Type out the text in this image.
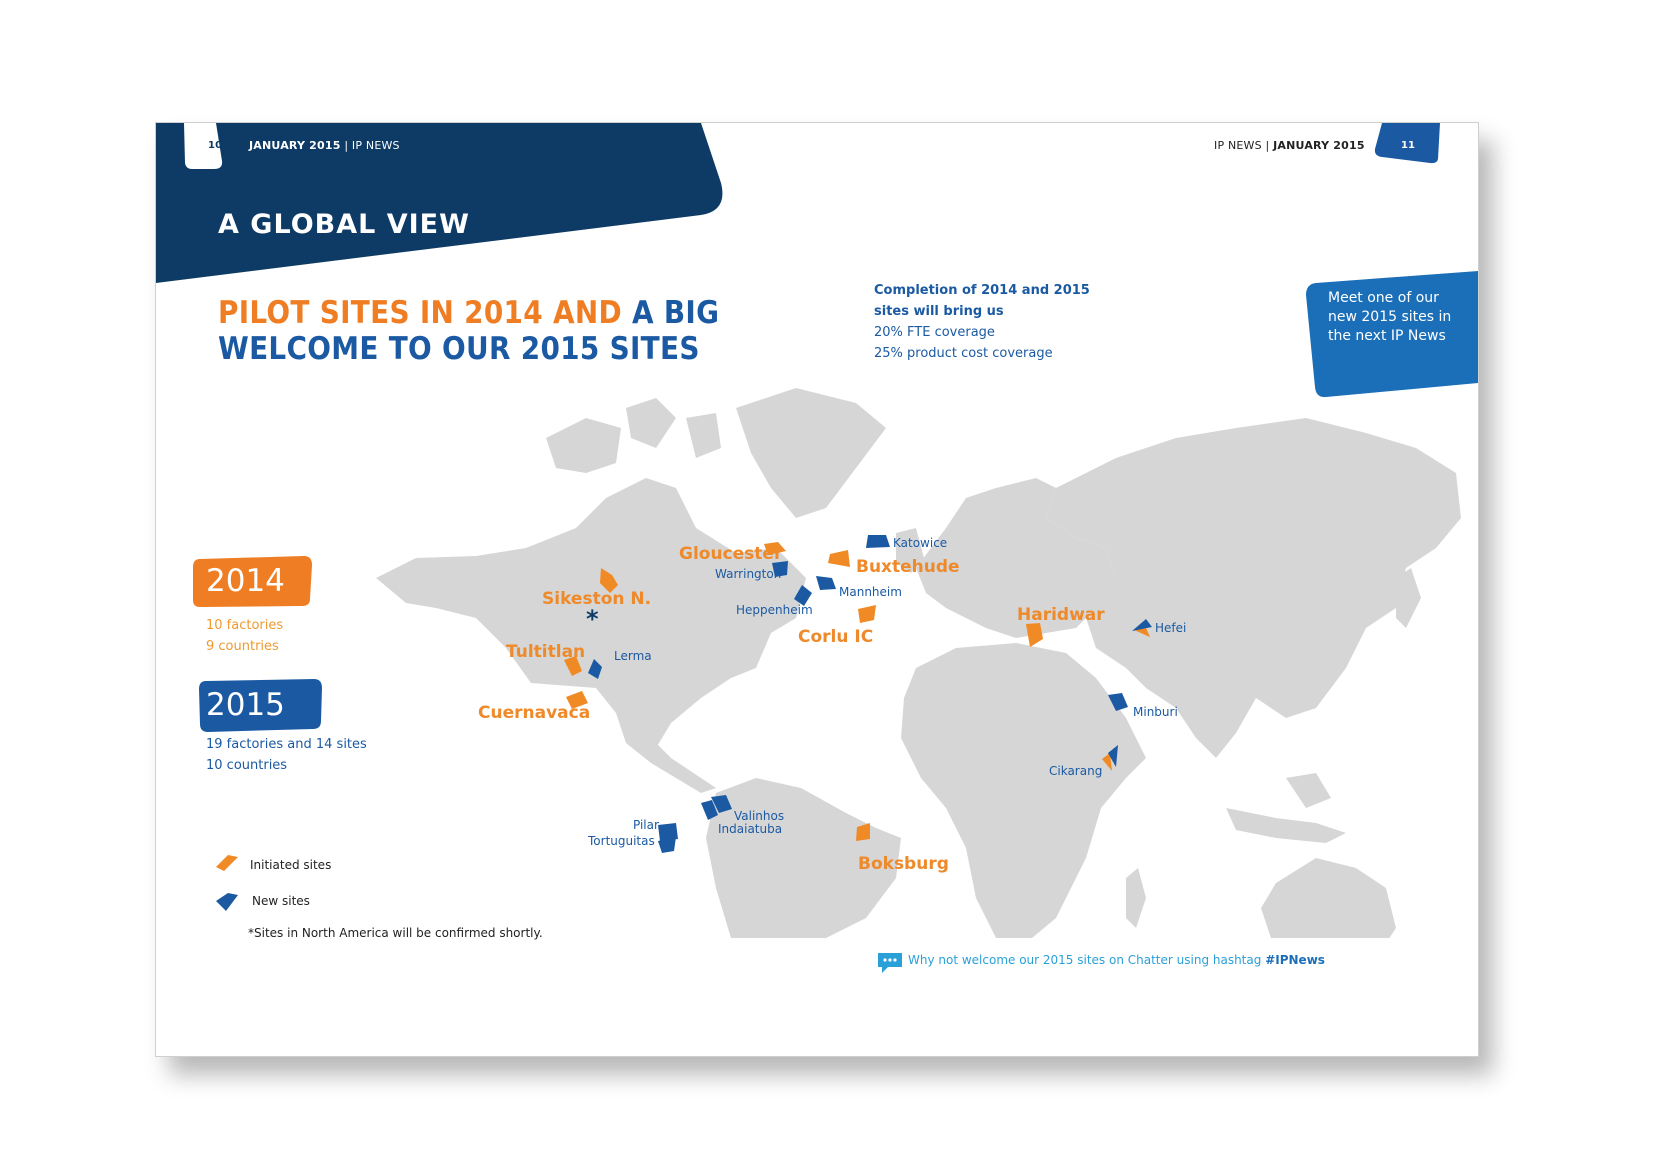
10 JANUARY 2015 | IP NEWS
A GLOBAL VIEW
IP NEWS | JANUARY 2015	11
PILOT SITES IN 2014 AND A BIG
WELCOME TO OUR 2015 SITES
Completion of 2014 and 2015
sites will bring us
20% FTE coverage
25% product cost coverage
Meet one of our
new 2015 sites in
the next IP News
Sikeston N.
*
Gloucester
Warrington
Katowice
Buxtehude
Mannheim
Heppenheim
Corlu IC
Haridwar
Hefei
Tultitlan Lerma
Cuernavaca	Minburi
Cikarang
Valinhos
Indaiatuba
Pilar
Tortuguitas
Boksburg
2014
10 factories
9 countries
2015
19 factories and 14 sites
10 countries
Initiated sites
New sites
*Sites in North America will be confirmed shortly.
Why not welcome our 2015 sites on Chatter using hashtag #IPNews
